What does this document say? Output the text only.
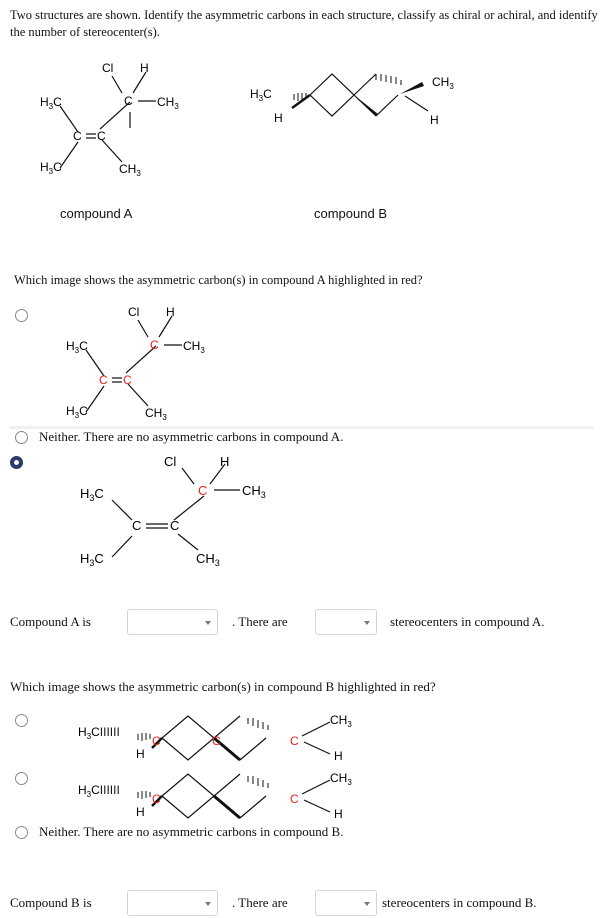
Two structures are shown. Identify the asymmetric carbons in each structure, classify as chiral or achiral, and identify the number of stereocenter(s).
Cl H
C $CH_3$
$H_3C$
C C
$H_3C$	$CH_3$
$H_3C$
H
$CH_3$
H
compound A	compound B
Which image shows the asymmetric carbon(s) in compound A highlighted in red?
Cl H
C $CH_3$
$H_3C$
C C
$H_3C$	$CH_3$
Neither. There are no asymmetric carbons in compound A.
Cl	H
C	$CH_3$
$H_3C$
C C
$H_3C$	$CH_3$
Compound A is	. There are	stereocenters in compound A.
Which image shows the asymmetric carbon(s) in compound B highlighted in red?
$H_3CIIIIII$
C	C	C
H
$CH_3$
H
$H_3CIIIIII$
C	C
H
$CH_3$
H
Neither. There are no asymmetric carbons in compound B.
Compound B is	. There are	stereocenters in compound B.
